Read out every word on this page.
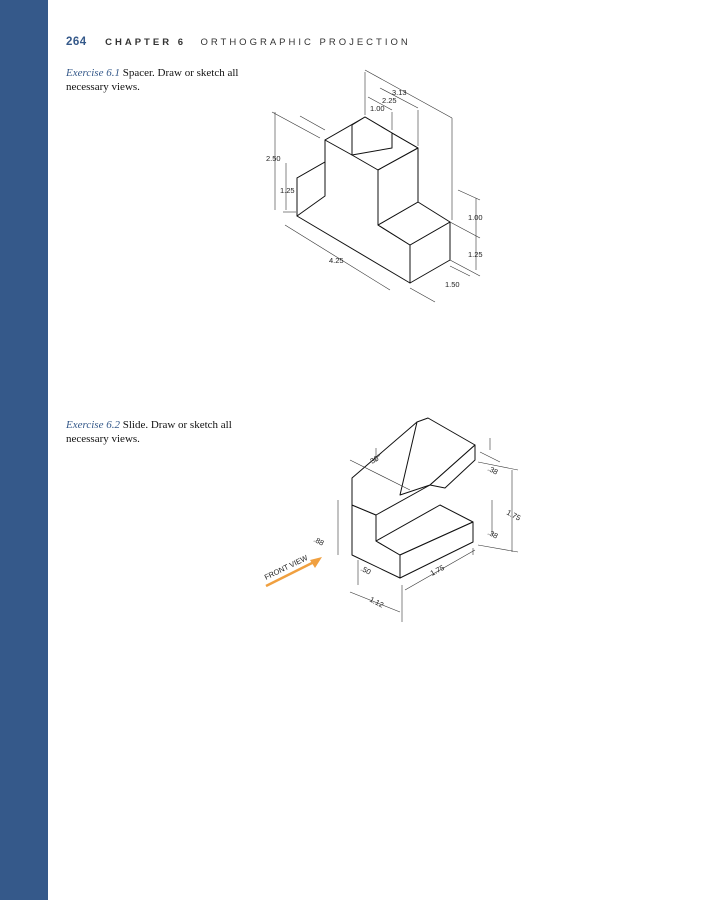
264 CHAPTER 6 ORTHOGRAPHIC PROJECTION
Exercise 6.1 Spacer. Draw or sketch all necessary views.
Exercise 6.2 Slide. Draw or sketch all necessary views.
3.13
2.25
1.00
2.50
1.25
1.00
1.25
4.25
1.50
.38
30°
1.75
.38
.88
.50	1.75
1.12
FRONT VIEW
